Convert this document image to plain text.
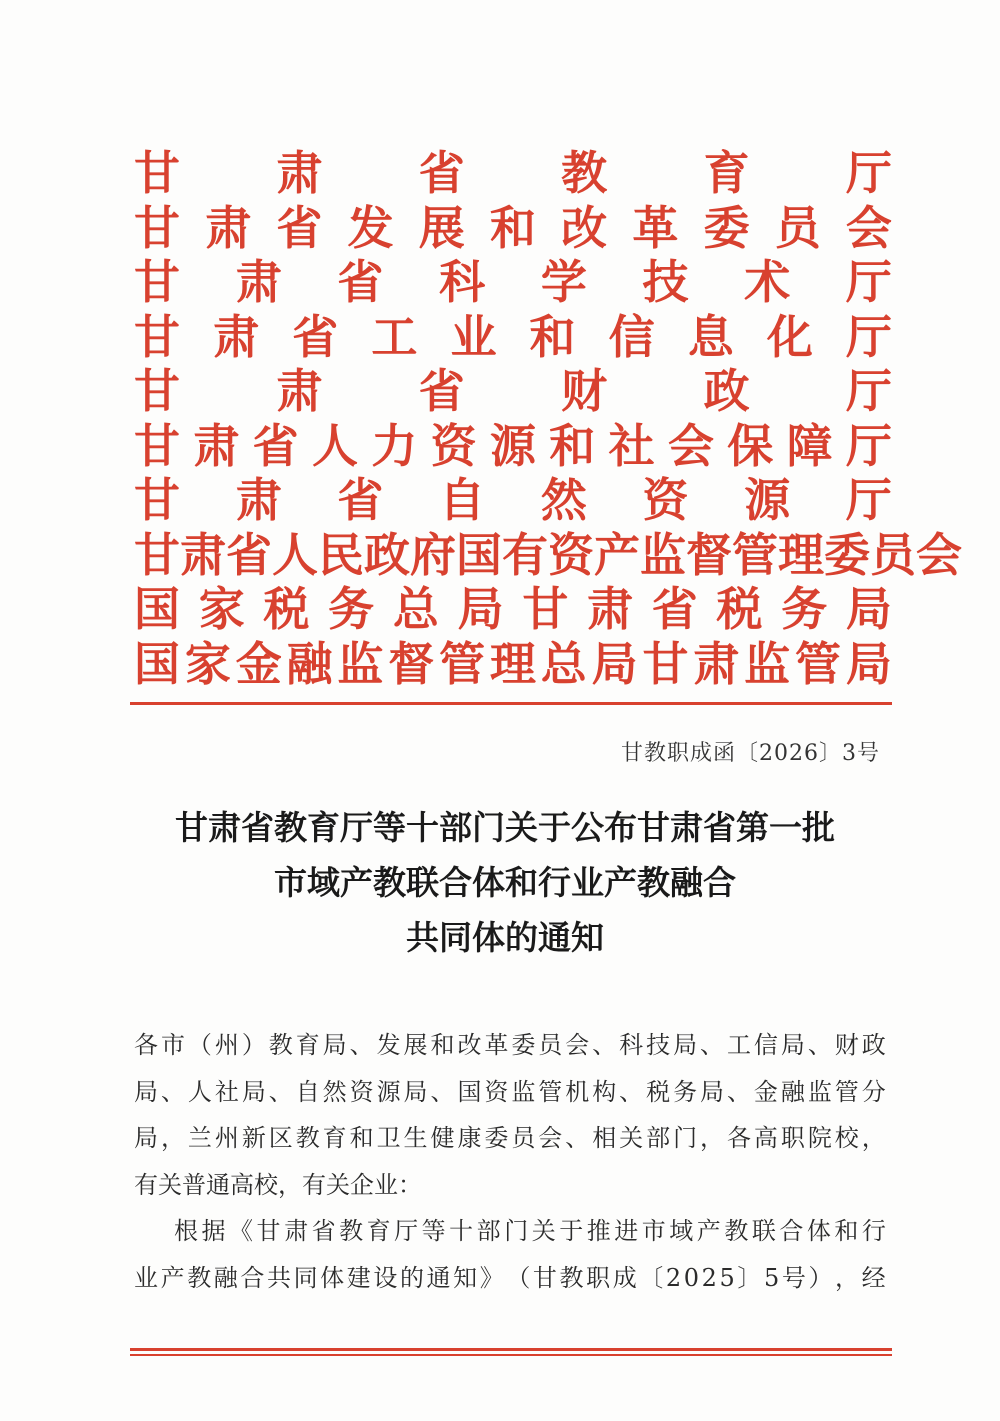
甘 肃 省 教 育 厅
甘 肃 省 发 展 和 改 革 委 员 会
甘 肃 省 科 学 技 术 厅
甘 肃 省 工 业 和 信 息 化 厅
甘 肃 省 财 政 厅
甘 肃 省 人 力 资 源 和 社 会 保 障 厅
甘 肃 省 自 然 资 源 厅
甘 肃 省 人 民 政 府 国 有 资 产 监 督 管 理 委 员 会
国 家 税 务 总 局 甘 肃 省 税 务 局
国 家 金 融 监 督 管 理 总 局 甘 肃 监 管 局
甘教职成函〔2026〕3号
甘肃省教育厅等十部门关于公布甘肃省第一批
市域产教联合体和行业产教融合
共同体的通知
各 市 （ 州 ） 教 育 局 、 发 展 和 改 革 委 员 会 、 科 技 局 、 工 信 局 、 财 政
局 、 人 社 局 、 自 然 资 源 局 、 国 资 监 管 机 构 、 税 务 局 、 金 融 监 管 分
局 ， 兰 州 新 区 教 育 和 卫 生 健 康 委 员 会 、 相 关 部 门 ， 各 高 职 院 校 ，
有关普通高校，有关企业：
根 据 《 甘 肃 省 教 育 厅 等 十 部 门 关 于 推 进 市 域 产 教 联 合 体 和 行
业 产 教 融 合 共 同 体 建 设 的 通 知 》 （ 甘 教 职 成 〔 2 0 2 5 〕 5 号 ） ， 经
